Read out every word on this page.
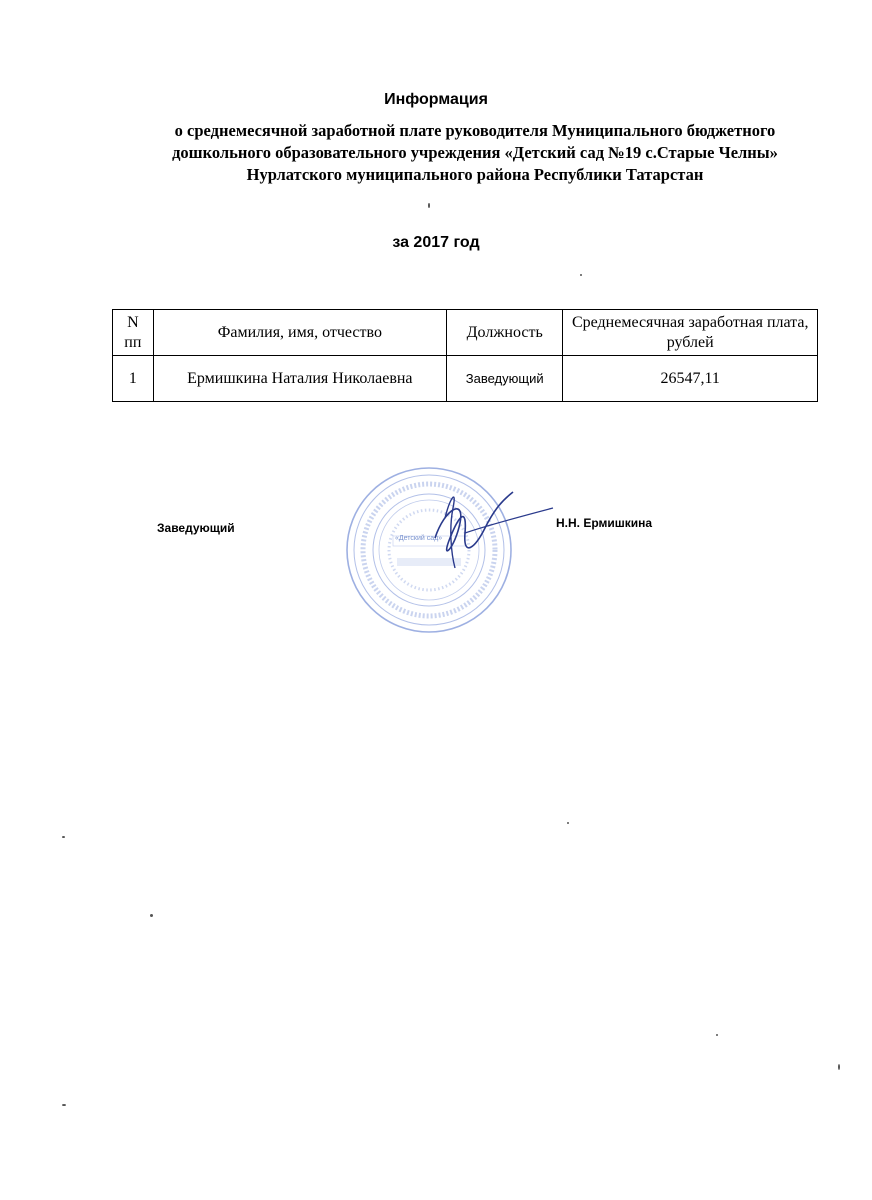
Информация
о среднемесячной заработной плате руководителя Муниципального бюджетного дошкольного образовательного учреждения «Детский сад №19 с.Старые Челны» Нурлатского муниципального района Республики Татарстан
за 2017 год
N пп	Фамилия, имя, отчество	Должность	Среднемесячная заработная плата, рублей
1	Ермишкина Наталия Николаевна	Заведующий	26547,11
Заведующий	Н.Н. Ермишкина
«Детский сад»
